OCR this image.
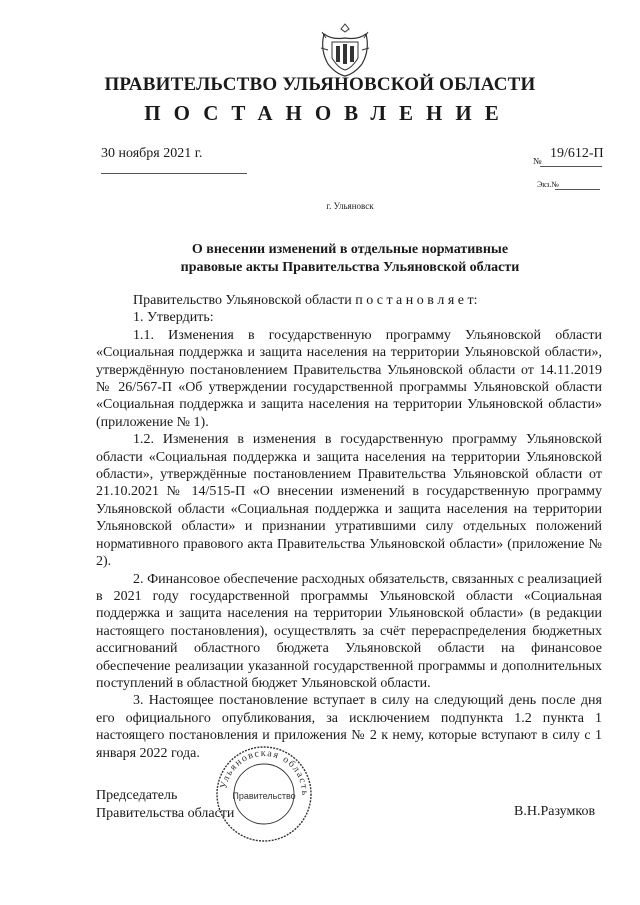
ПРАВИТЕЛЬСТВО УЛЬЯНОВСКОЙ ОБЛАСТИ
ПОСТАНОВЛЕНИЕ
30 ноября 2021 г.	№ 19/612-П
Экз.№
г. Ульяновск
О внесении изменений в отдельные нормативные
правовые акты Правительства Ульяновской области

Правительство Ульяновской области п о с т а н о в л я е т:

1. Утвердить:

1.1. Изменения в государственную программу Ульяновской области «Социальная поддержка и защита населения на территории Ульяновской области», утверждённую постановлением Правительства Ульяновской области от 14.11.2019 № 26/567-П «Об утверждении государственной программы Ульяновской области «Социальная поддержка и защита населения на территории Ульяновской области» (приложение № 1).

1.2. Изменения в изменения в государственную программу Ульяновской области «Социальная поддержка и защита населения на территории Ульяновской области», утверждённые постановлением Правительства Ульяновской области от 21.10.2021 № 14/515-П «О внесении изменений в государственную программу Ульяновской области «Социальная поддержка и защита населения на территории Ульяновской области» и признании утратившими силу отдельных положений нормативного правового акта Правительства Ульяновской области» (приложение № 2).

2. Финансовое обеспечение расходных обязательств, связанных с реализацией в 2021 году государственной программы Ульяновской области «Социальная поддержка и защита населения на территории Ульяновской области» (в редакции настоящего постановления), осуществлять за счёт перераспределения бюджетных ассигнований областного бюджета Ульяновской области на финансовое обеспечение реализации указанной государственной программы и дополнительных поступлений в областной бюджет Ульяновской области.

3. Настоящее постановление вступает в силу на следующий день после дня его официального опубликования, за исключением подпункта 1.2 пункта 1 настоящего постановления и приложения № 2 к нему, которые вступают в силу с 1 января 2022 года.

Председатель
Правительства области	В.Н.Разумков
Ульяновская область
Правительство
